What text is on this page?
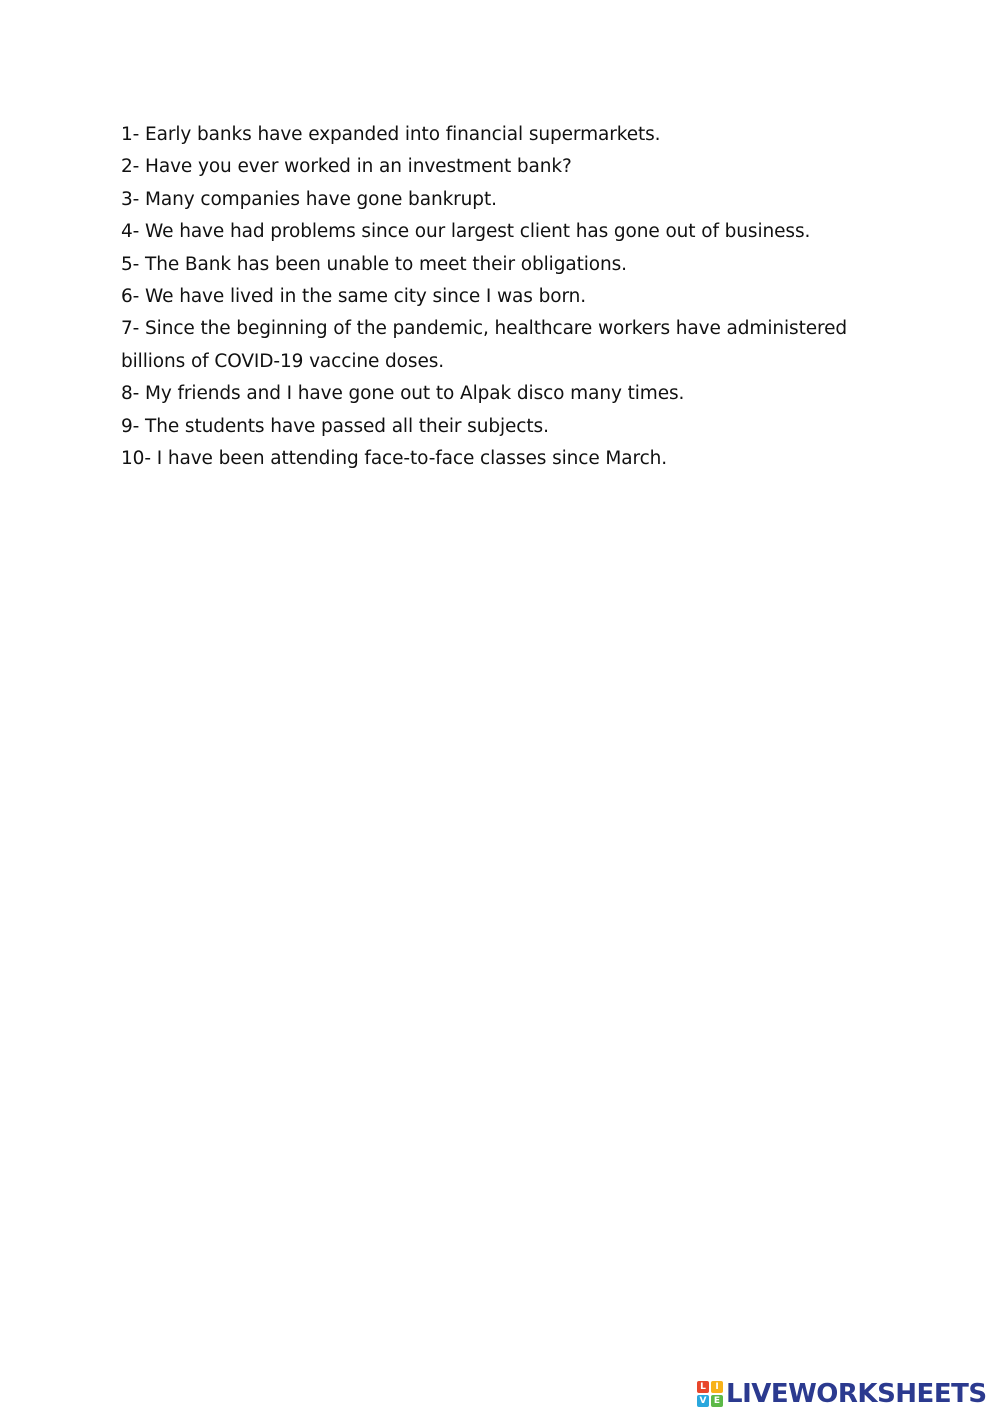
1- Early banks have expanded into financial supermarkets.
2- Have you ever worked in an investment bank?
3- Many companies have gone bankrupt.
4- We have had problems since our largest client has gone out of business.
5- The Bank has been unable to meet their obligations.
6- We have lived in the same city since I was born.
7- Since the beginning of the pandemic, healthcare workers have administered billions of COVID-19 vaccine doses.
8- My friends and I have gone out to Alpak disco many times.
9- The students have passed all their subjects.
10- I have been attending face-to-face classes since March.
L	I
V E LIVEWORKSHEETS
